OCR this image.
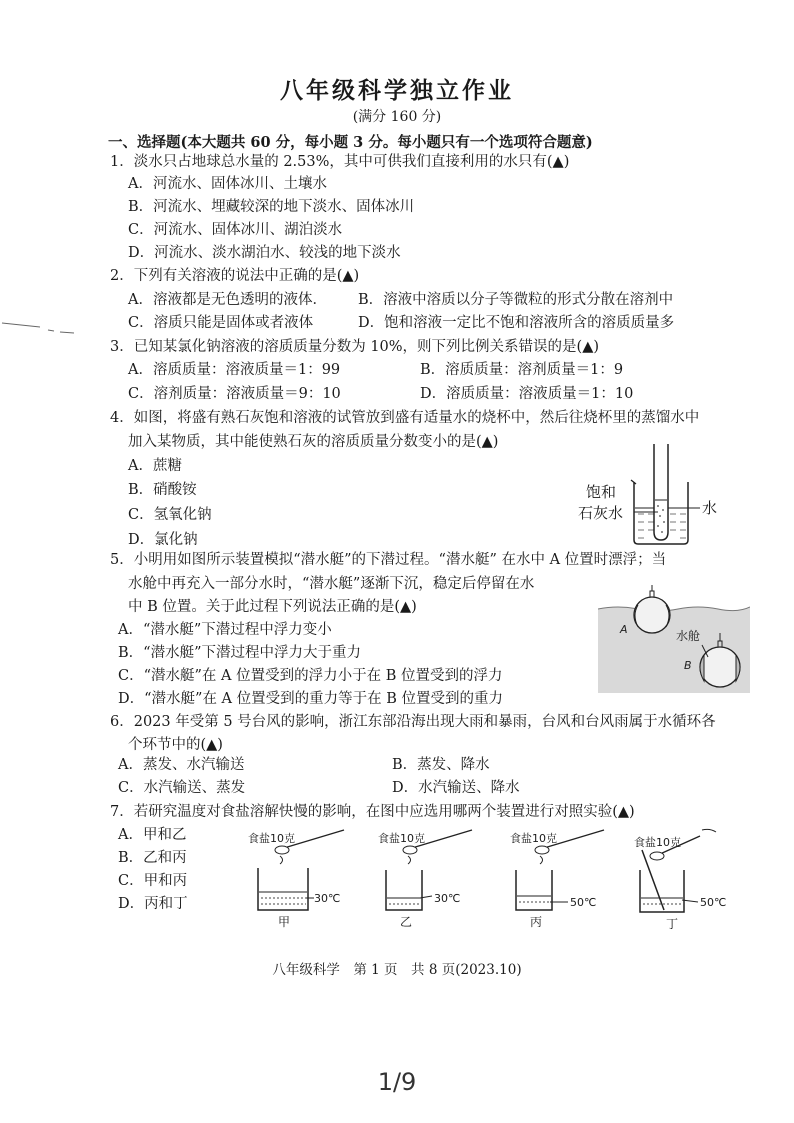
八年级科学独立作业
(满分 160 分)
一、选择题(本大题共 60 分，每小题 3 分。每小题只有一个选项符合题意)
1．淡水只占地球总水量的 2.53%，其中可供我们直接利用的水只有(▲)
A．河流水、固体冰川、土壤水
B．河流水、埋藏较深的地下淡水、固体冰川
C．河流水、固体冰川、湖泊淡水
D．河流水、淡水湖泊水、较浅的地下淡水
2．下列有关溶液的说法中正确的是(▲)
A．溶液都是无色透明的液体． B．溶液中溶质以分子等微粒的形式分散在溶剂中
C．溶质只能是固体或者液体	D．饱和溶液一定比不饱和溶液所含的溶质质量多
3．已知某氯化钠溶液的溶质质量分数为 10%，则下列比例关系错误的是(▲)
A．溶质质量：溶液质量＝1：99	B．溶质质量：溶剂质量＝1：9
C．溶剂质量：溶液质量＝9：10	D．溶质质量：溶液质量＝1：10
4．如图，将盛有熟石灰饱和溶液的试管放到盛有适量水的烧杯中，然后往烧杯里的蒸馏水中
加入某物质，其中能使熟石灰的溶质质量分数变小的是(▲)
A．蔗糖
B．硝酸铵
C．氢氧化钠
D．氯化钠
饱和
石灰水	水
5．小明用如图所示装置模拟“潜水艇”的下潜过程。“潜水艇” 在水中 A 位置时漂浮；当
水舱中再充入一部分水时，“潜水艇”逐渐下沉，稳定后停留在水
中 B 位置。关于此过程下列说法正确的是(▲)
A．“潜水艇”下潜过程中浮力变小
B．“潜水艇”下潜过程中浮力大于重力
C．“潜水艇”在 A 位置受到的浮力小于在 B 位置受到的浮力
D．“潜水艇”在 A 位置受到的重力等于在 B 位置受到的重力
A	水舱
B
6．2023 年受第 5 号台风的影响，浙江东部沿海出现大雨和暴雨，台风和台风雨属于水循环各
个环节中的(▲)
A．蒸发、水汽输送	B．蒸发、降水
C．水汽输送、蒸发	D．水汽输送、降水
7．若研究温度对食盐溶解快慢的影响，在图中应选用哪两个装置进行对照实验(▲)
A．甲和乙
B．乙和丙
C．甲和丙
D．丙和丁
食盐10克
30℃
甲
食盐10克
30℃
乙
食盐10克
50℃
丙
食盐10克
50℃
丁
八年级科学　第 1 页　共 8 页(2023.10)
1/9
